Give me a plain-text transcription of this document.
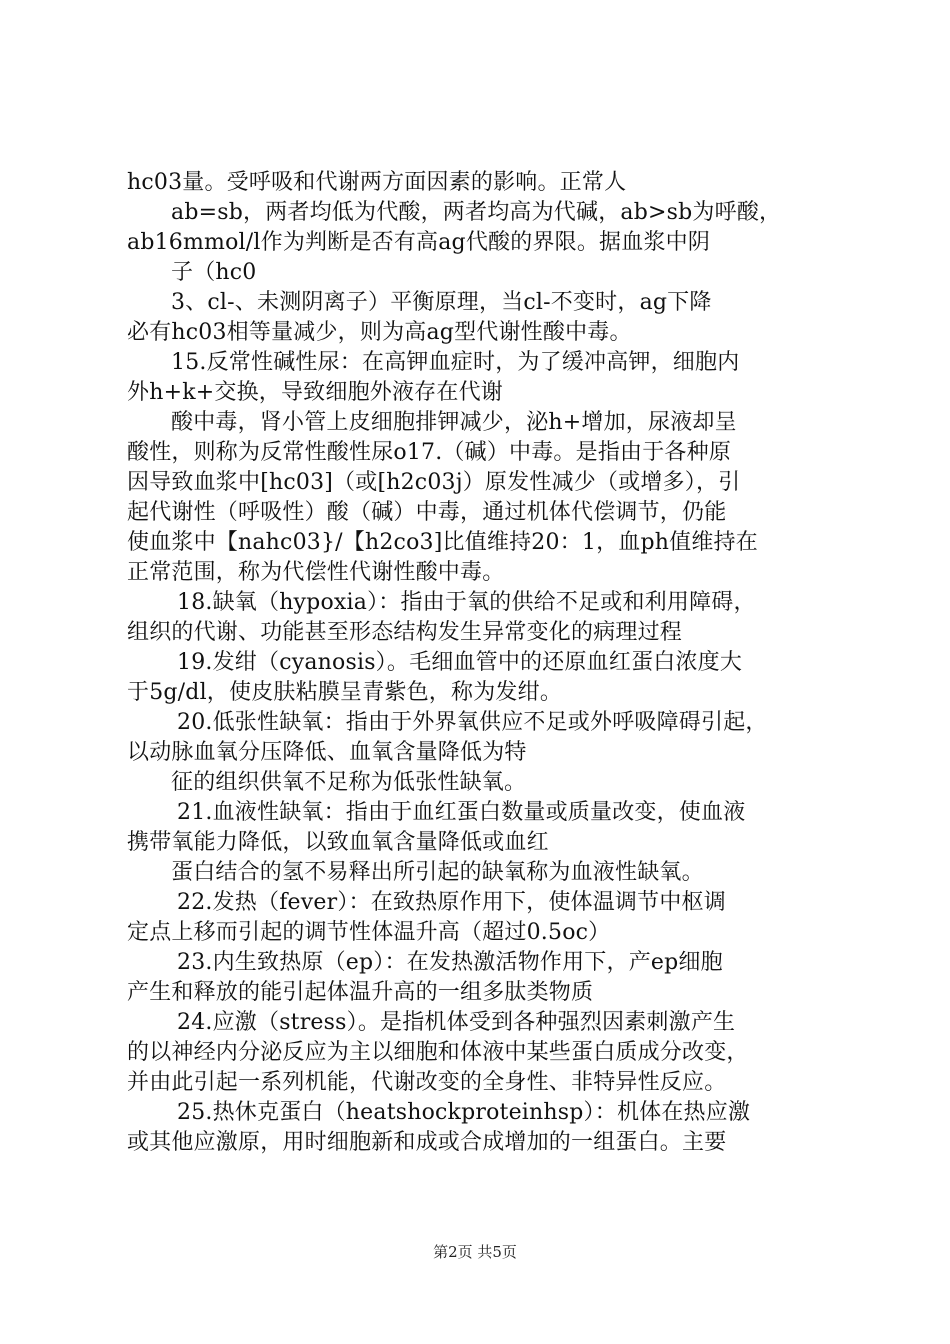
hc03量。受呼吸和代谢两方面因素的影响。正常人
ab=sb，两者均低为代酸，两者均高为代碱，ab>sb为呼酸，
ab16mmol/l作为判断是否有高ag代酸的界限。据血浆中阴
子（hc0
3、cl-、未测阴离子）平衡原理，当cl-不变时，ag下降
必有hc03相等量减少，则为高ag型代谢性酸中毒。
15.反常性碱性尿：在高钾血症时，为了缓冲高钾，细胞内
外h+k+交换，导致细胞外液存在代谢
酸中毒，肾小管上皮细胞排钾减少，泌h+增加，尿液却呈
酸性，则称为反常性酸性尿o17.（碱）中毒。是指由于各种原
因导致血浆中[hc03]（或[h2c03j）原发性减少（或增多），引
起代谢性（呼吸性）酸（碱）中毒，通过机体代偿调节，仍能
使血浆中【nahc03}/【h2co3]比值维持20：1，血ph值维持在
正常范围，称为代偿性代谢性酸中毒。
18.缺氧（hypoxia）：指由于氧的供给不足或和利用障碍，
组织的代谢、功能甚至形态结构发生异常变化的病理过程
19.发绀（cyanosis）。毛细血管中的还原血红蛋白浓度大
于5g/dl，使皮肤粘膜呈青紫色，称为发绀。
20.低张性缺氧：指由于外界氧供应不足或外呼吸障碍引起，
以动脉血氧分压降低、血氧含量降低为特
征的组织供氧不足称为低张性缺氧。
21.血液性缺氧：指由于血红蛋白数量或质量改变，使血液
携带氧能力降低，以致血氧含量降低或血红
蛋白结合的氢不易释出所引起的缺氧称为血液性缺氧。
22.发热（fever）：在致热原作用下，使体温调节中枢调
定点上移而引起的调节性体温升高（超过0.5oc）
23.内生致热原（ep）：在发热激活物作用下，产ep细胞
产生和释放的能引起体温升高的一组多肽类物质
24.应激（stress）。是指机体受到各种强烈因素刺激产生
的以神经内分泌反应为主以细胞和体液中某些蛋白质成分改变，
并由此引起一系列机能，代谢改变的全身性、非特异性反应。
25.热休克蛋白（heatshockproteinhsp）：机体在热应激
或其他应激原，用时细胞新和成或合成增加的一组蛋白。主要
第2页 共5页
